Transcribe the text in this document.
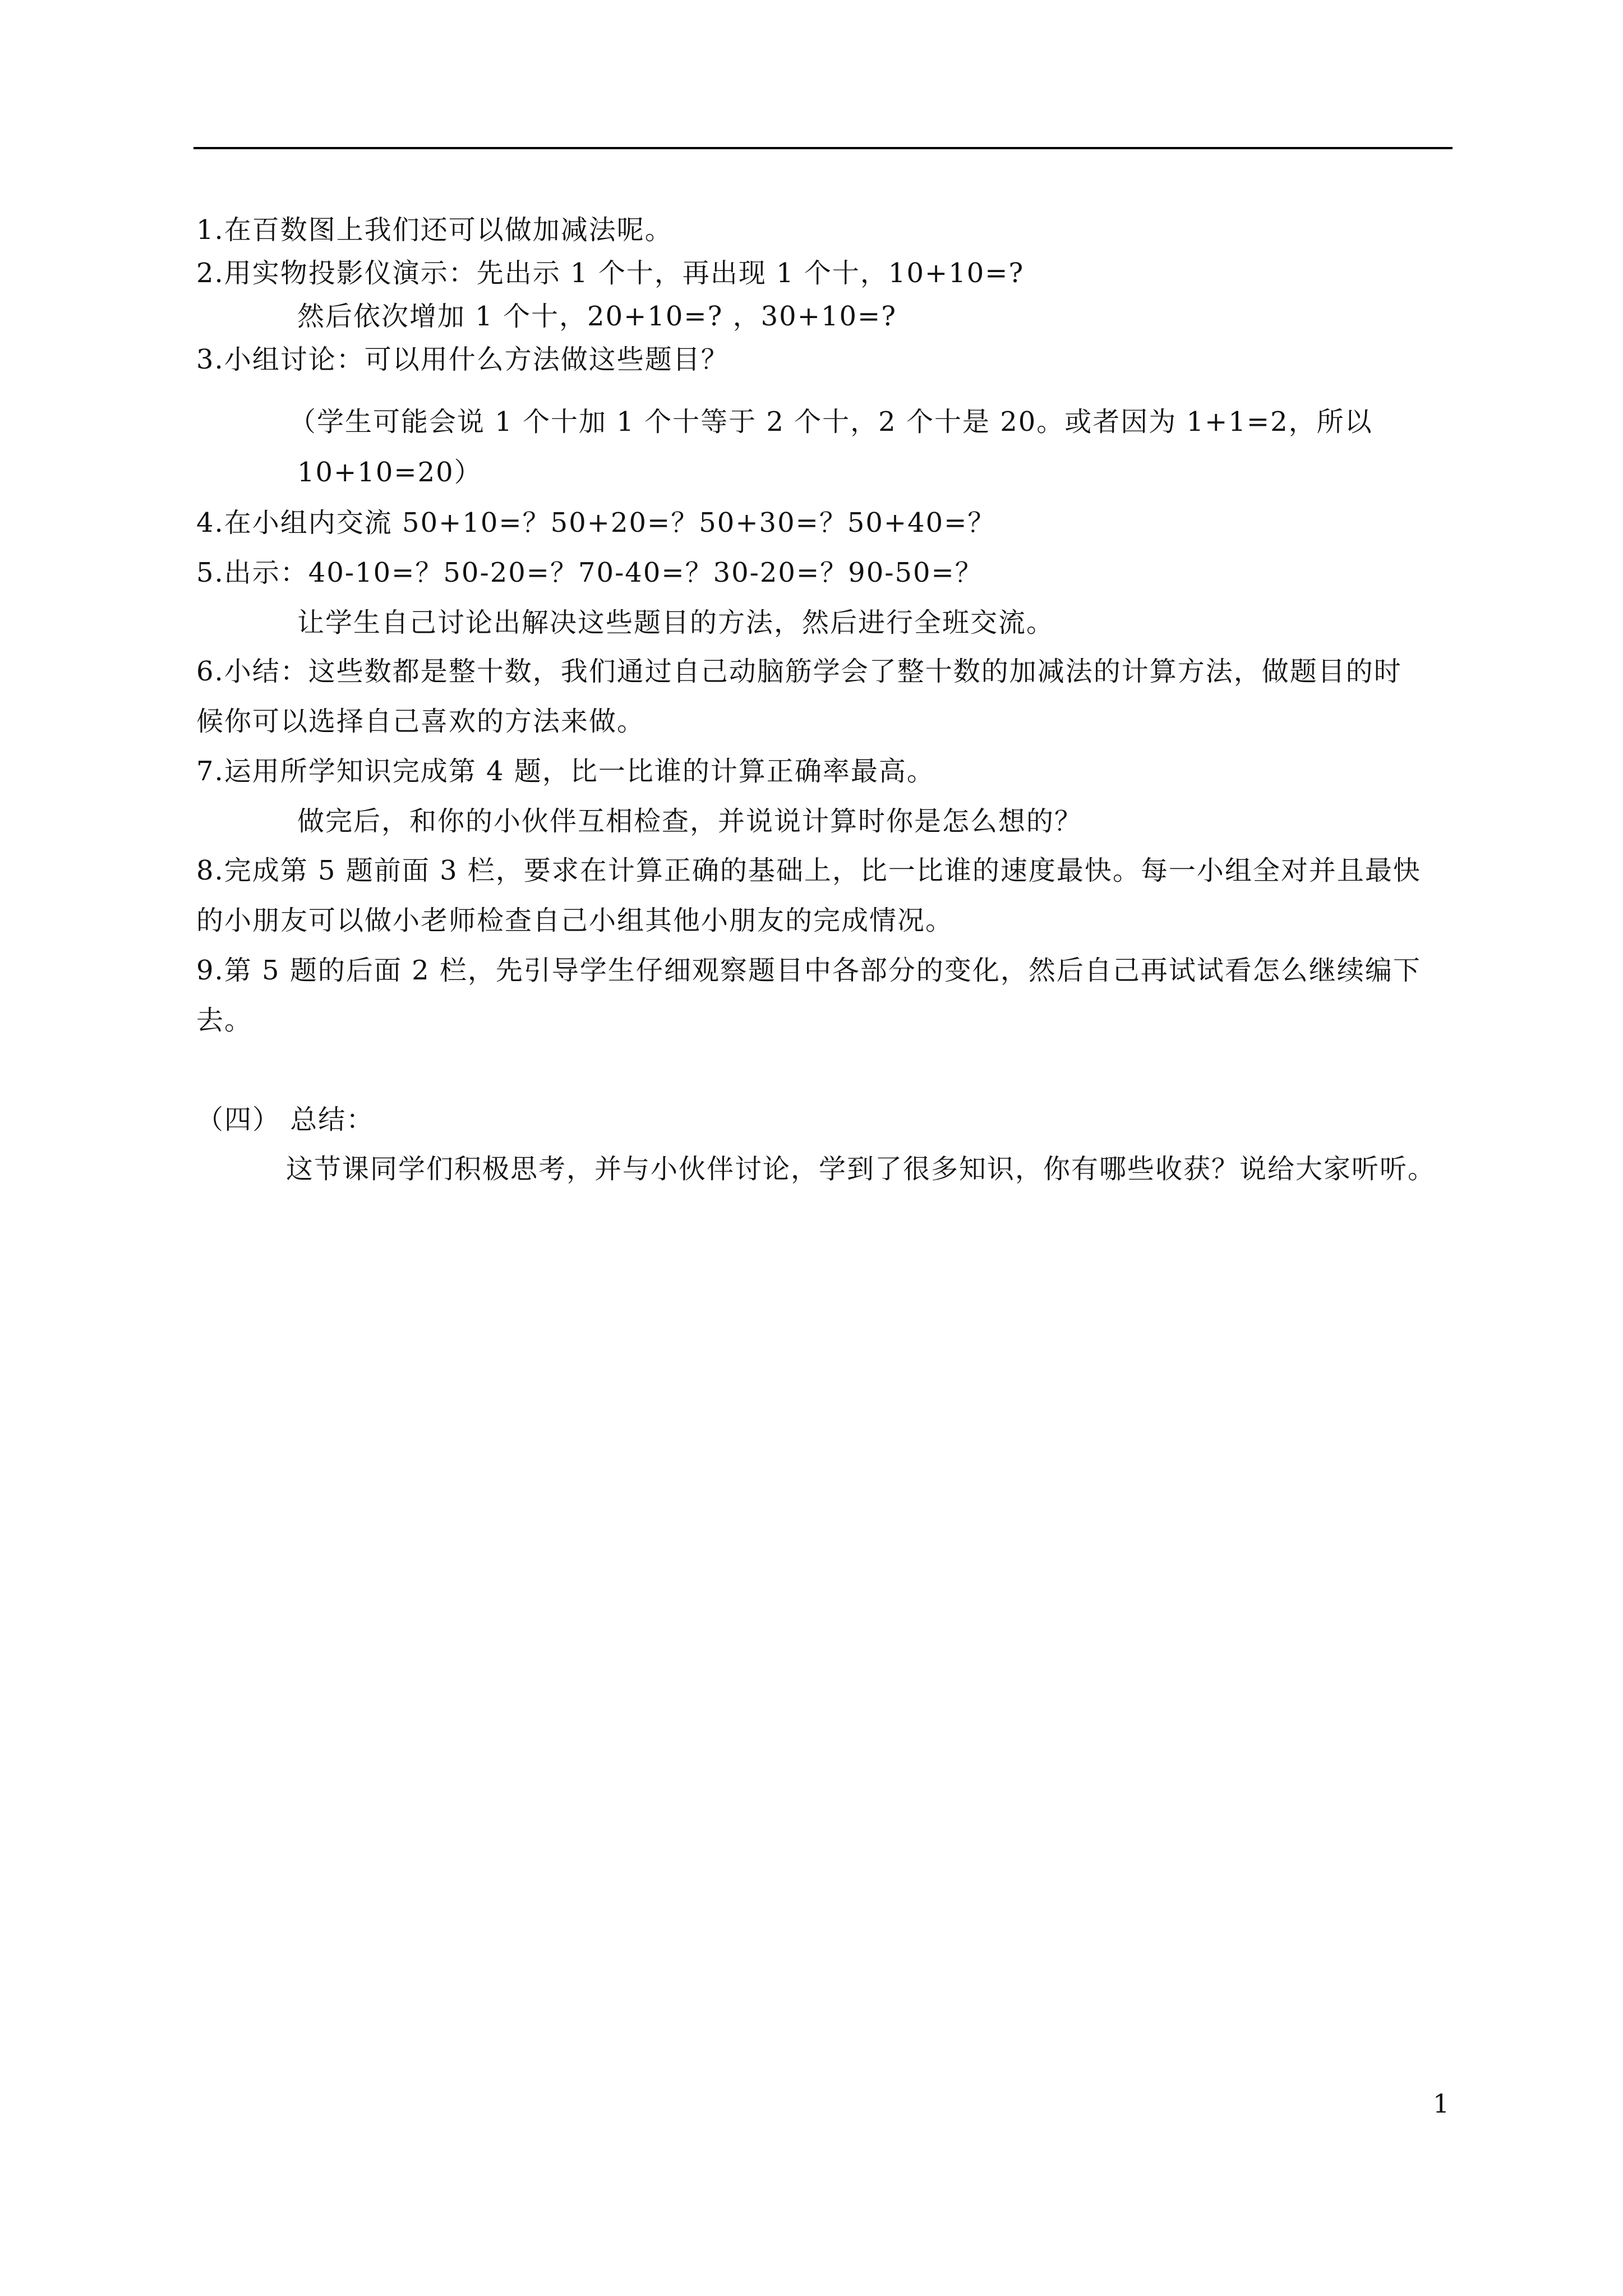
1.在百数图上我们还可以做加减法呢。
2.用实物投影仪演示：先出示 1 个十，再出现 1 个十，10+10=?
然后依次增加 1 个十，20+10=? ，30+10=?
3.小组讨论：可以用什么方法做这些题目？
（学生可能会说 1 个十加 1 个十等于 2 个十，2 个十是 20。或者因为 1+1=2，所以
10+10=20）
4.在小组内交流 50+10=？50+20=？50+30=？50+40=？
5.出示：40-10=？50-20=？70-40=？30-20=？90-50=？
让学生自己讨论出解决这些题目的方法，然后进行全班交流。
6.小结：这些数都是整十数，我们通过自己动脑筋学会了整十数的加减法的计算方法，做题目的时
候你可以选择自己喜欢的方法来做。
7.运用所学知识完成第 4 题，比一比谁的计算正确率最高。
做完后，和你的小伙伴互相检查，并说说计算时你是怎么想的？
8.完成第 5 题前面 3 栏，要求在计算正确的基础上，比一比谁的速度最快。每一小组全对并且最快
的小朋友可以做小老师检查自己小组其他小朋友的完成情况。
9.第 5 题的后面 2 栏，先引导学生仔细观察题目中各部分的变化，然后自己再试试看怎么继续编下
去。
（四） 总结：
这节课同学们积极思考，并与小伙伴讨论，学到了很多知识，你有哪些收获？说给大家听听。
1
